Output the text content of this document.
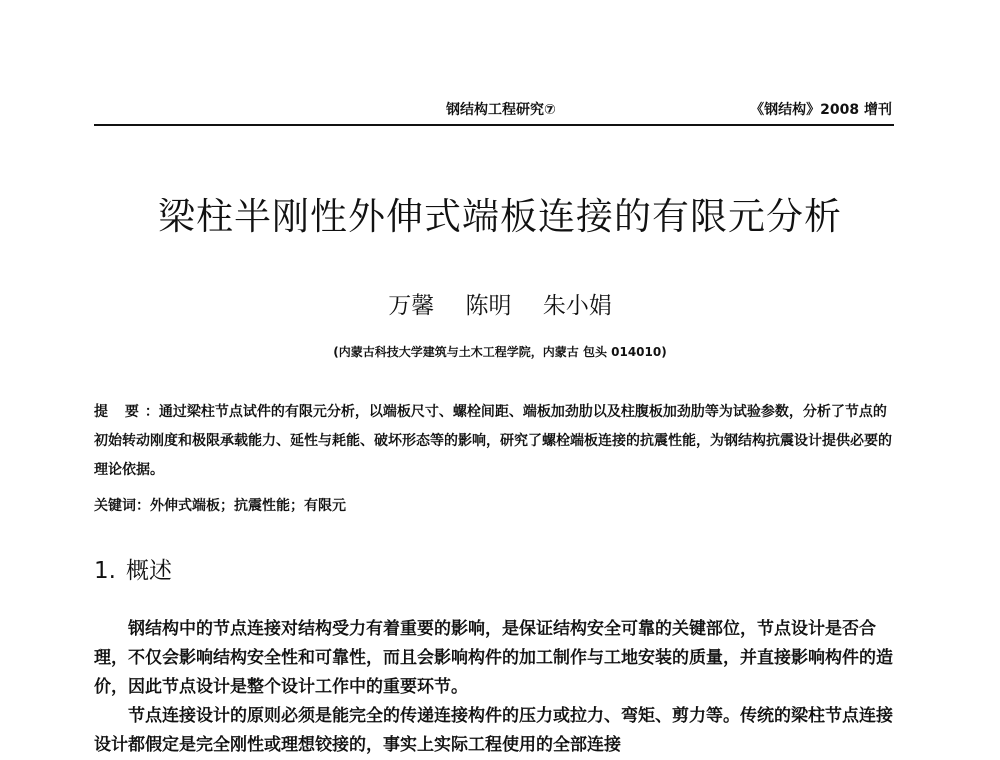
钢结构工程研究⑦	《钢结构》2008 增刊
梁柱半刚性外伸式端板连接的有限元分析
万馨 陈明 朱小娟
(内蒙古科技大学建筑与土木工程学院，内蒙古 包头 014010)
提 要：通过梁柱节点试件的有限元分析，以端板尺寸、螺栓间距、端板加劲肋以及柱腹板加劲肋等为试验参数，分析了节点的初始转动刚度和极限承载能力、延性与耗能、破坏形态等的影响，研究了螺栓端板连接的抗震性能，为钢结构抗震设计提供必要的理论依据。
关键词：外伸式端板；抗震性能；有限元
1. 概述

钢结构中的节点连接对结构受力有着重要的影响，是保证结构安全可靠的关键部位，节点设计是否合理，不仅会影响结构安全性和可靠性，而且会影响构件的加工制作与工地安装的质量，并直接影响构件的造价，因此节点设计是整个设计工作中的重要环节。

节点连接设计的原则必须是能完全的传递连接构件的压力或拉力、弯矩、剪力等。传统的梁柱节点连接设计都假定是完全刚性或理想铰接的，事实上实际工程使用的全部连接
